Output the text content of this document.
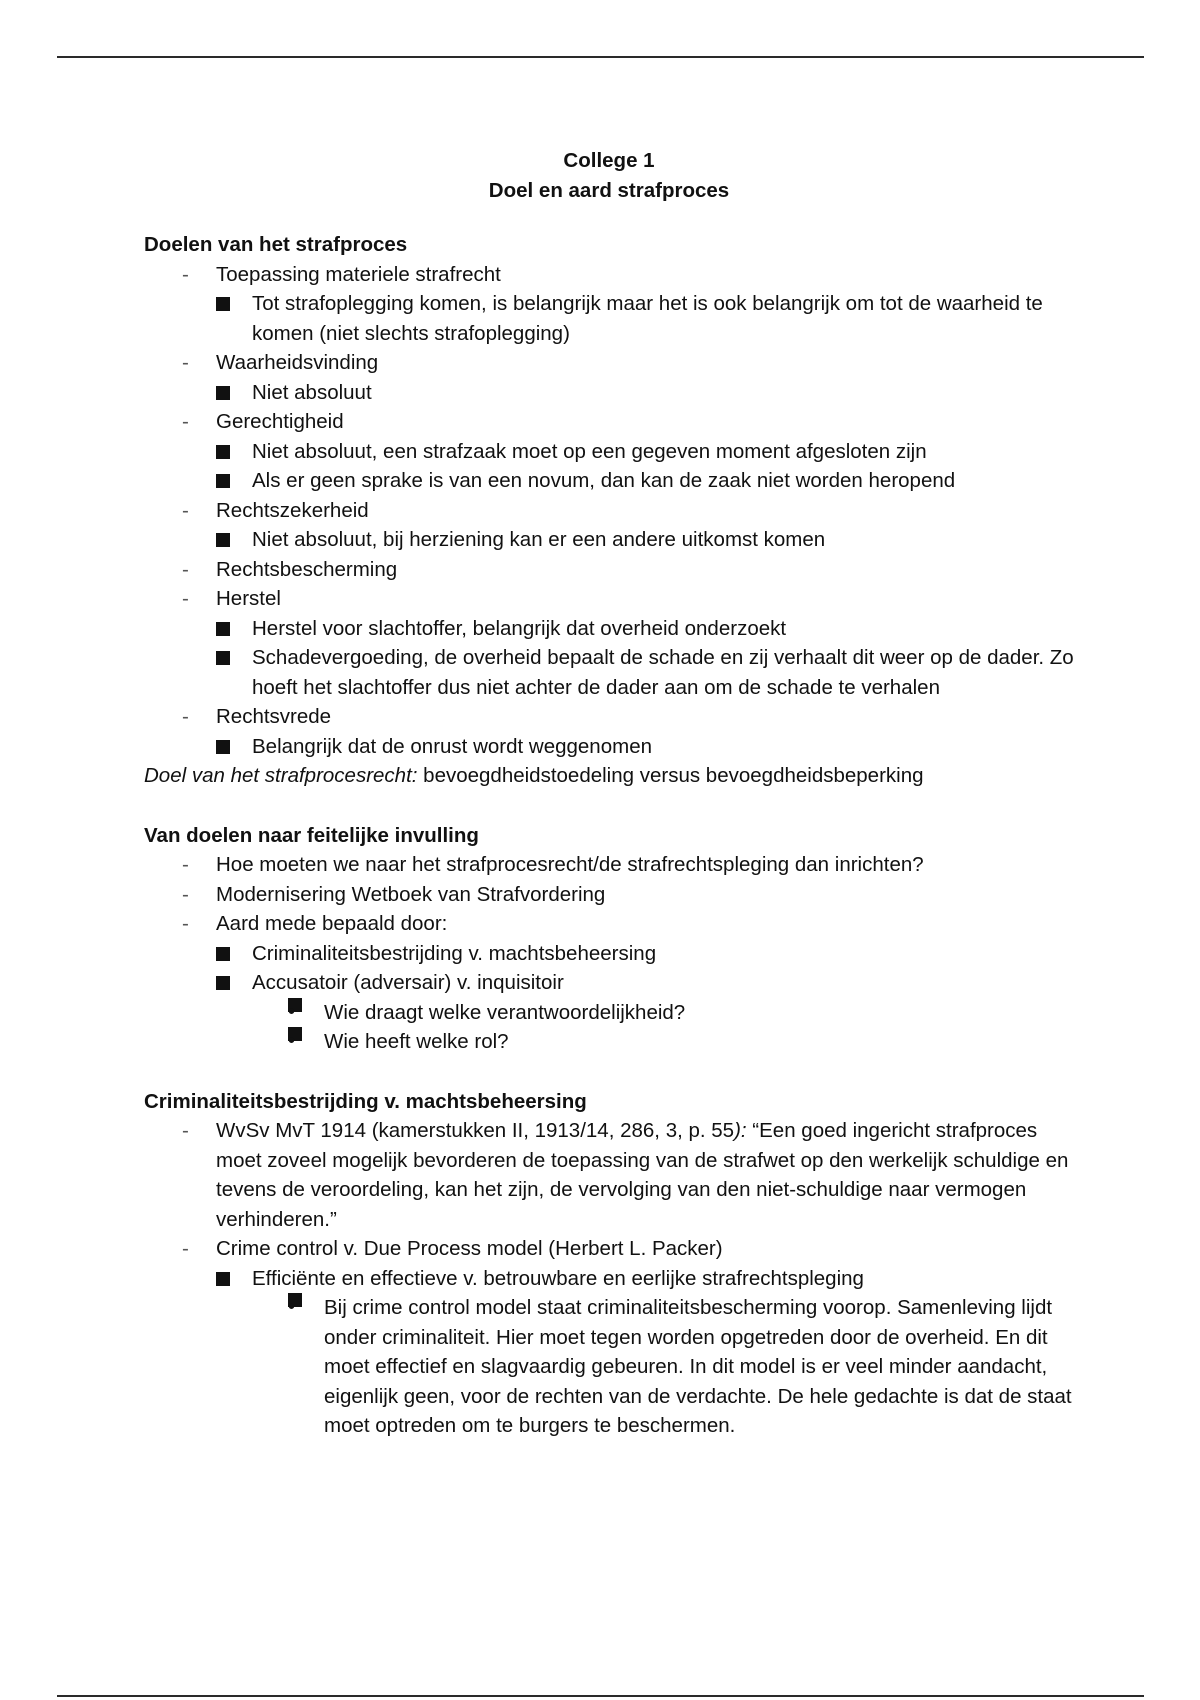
College 1
Doel en aard strafproces
Doelen van het strafproces
- Toepassing materiele strafrecht
Tot strafoplegging komen, is belangrijk maar het is ook belangrijk om tot de waarheid te komen (niet slechts strafoplegging)
- Waarheidsvinding
Niet absoluut
- Gerechtigheid
Niet absoluut, een strafzaak moet op een gegeven moment afgesloten zijn
Als er geen sprake is van een novum, dan kan de zaak niet worden heropend
- Rechtszekerheid
Niet absoluut, bij herziening kan er een andere uitkomst komen
- Rechtsbescherming
- Herstel
Herstel voor slachtoffer, belangrijk dat overheid onderzoekt
Schadevergoeding, de overheid bepaalt de schade en zij verhaalt dit weer op de dader. Zo hoeft het slachtoffer dus niet achter de dader aan om de schade te verhalen
- Rechtsvrede
Belangrijk dat de onrust wordt weggenomen
Doel van het strafprocesrecht: bevoegdheidstoedeling versus bevoegdheidsbeperking
Van doelen naar feitelijke invulling
- Hoe moeten we naar het strafprocesrecht/de strafrechtspleging dan inrichten?
- Modernisering Wetboek van Strafvordering
- Aard mede bepaald door:
Criminaliteitsbestrijding v. machtsbeheersing
Accusatoir (adversair) v. inquisitoir
•	Wie draagt welke verantwoordelijkheid?
•	Wie heeft welke rol?
Criminaliteitsbestrijding v. machtsbeheersing
- WvSv MvT 1914 (kamerstukken II, 1913/14, 286, 3, p. 55): “Een goed ingericht strafproces moet zoveel mogelijk bevorderen de toepassing van de strafwet op den werkelijk schuldige en tevens de veroordeling, kan het zijn, de vervolging van den niet-schuldige naar vermogen verhinderen.”
- Crime control v. Due Process model (Herbert L. Packer)
Efficiënte en effectieve v. betrouwbare en eerlijke strafrechtspleging
•	Bij crime control model staat criminaliteitsbescherming voorop. Samenleving lijdt onder criminaliteit. Hier moet tegen worden opgetreden door de overheid. En dit moet effectief en slagvaardig gebeuren. In dit model is er veel minder aandacht, eigenlijk geen, voor de rechten van de verdachte. De hele gedachte is dat de staat moet optreden om te burgers te beschermen.
